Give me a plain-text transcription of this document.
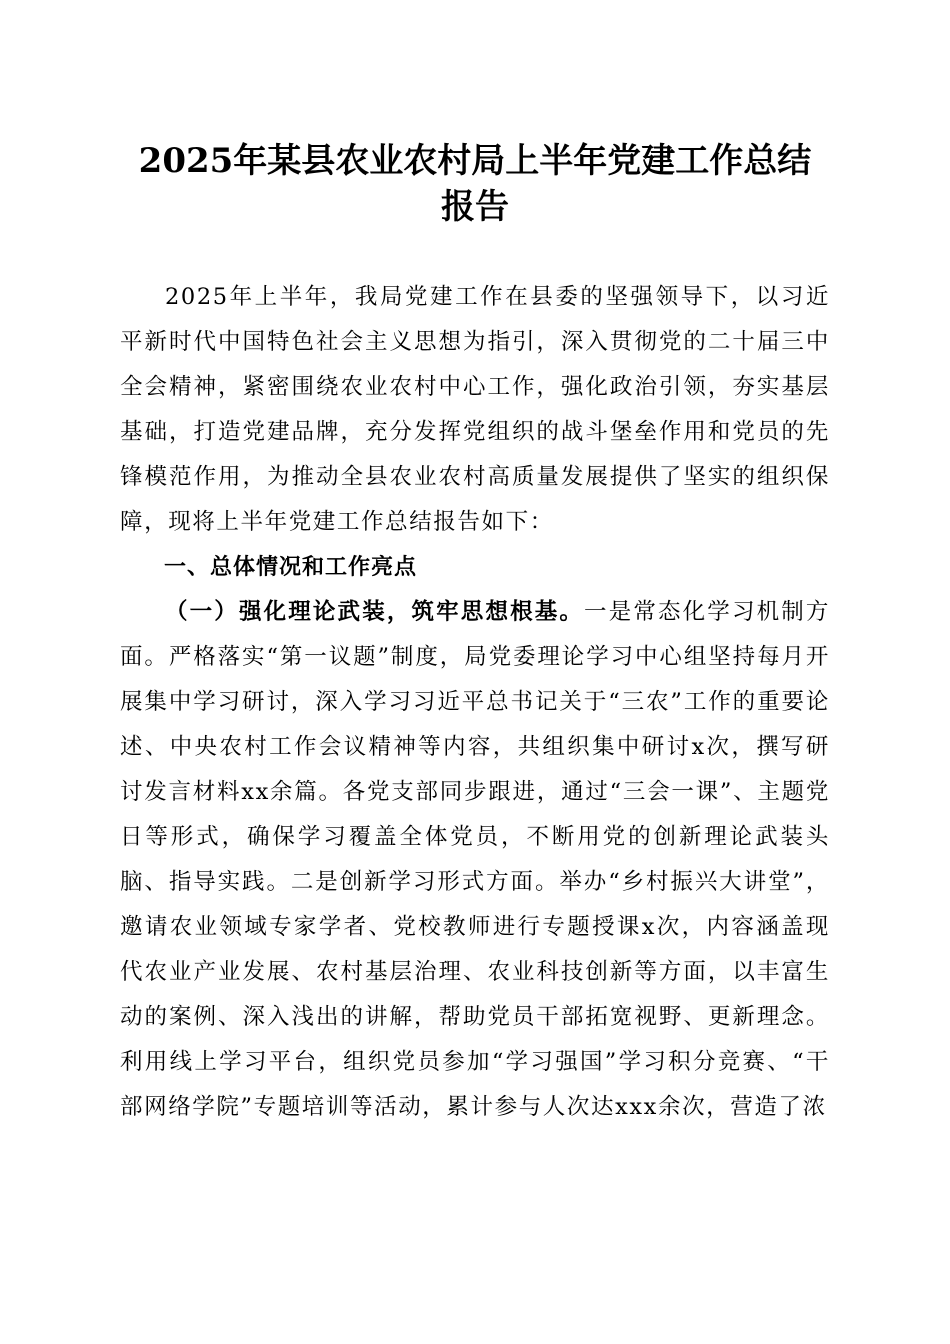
2025年某县农业农村局上半年党建工作总结
报告

2025年上半年，我局党建工作在县委的坚强领导下，以习近平新时代中国特色社会主义思想为指引，深入贯彻党的二十届三中全会精神，紧密围绕农业农村中心工作，强化政治引领，夯实基层基础，打造党建品牌，充分发挥党组织的战斗堡垒作用和党员的先锋模范作用，为推动全县农业农村高质量发展提供了坚实的组织保障，现将上半年党建工作总结报告如下：

一、总体情况和工作亮点

（一）强化理论武装，筑牢思想根基。一是常态化学习机制方面。严格落实“第一议题”制度，局党委理论学习中心组坚持每月开展集中学习研讨，深入学习习近平总书记关于“三农”工作的重要论述、中央农村工作会议精神等内容，共组织集中研讨x次，撰写研讨发言材料xx余篇。各党支部同步跟进，通过“三会一课”、主题党日等形式，确保学习覆盖全体党员，不断用党的创新理论武装头脑、指导实践。二是创新学习形式方面。举办“乡村振兴大讲堂”，邀请农业领域专家学者、党校教师进行专题授课x次，内容涵盖现代农业产业发展、农村基层治理、农业科技创新等方面，以丰富生动的案例、深入浅出的讲解，帮助党员干部拓宽视野、更新理念。利用线上学习平台，组织党员参加“学习强国”学习积分竞赛、“干部网络学院”专题培训等活动，累计参与人次达xxx余次，营造了浓
